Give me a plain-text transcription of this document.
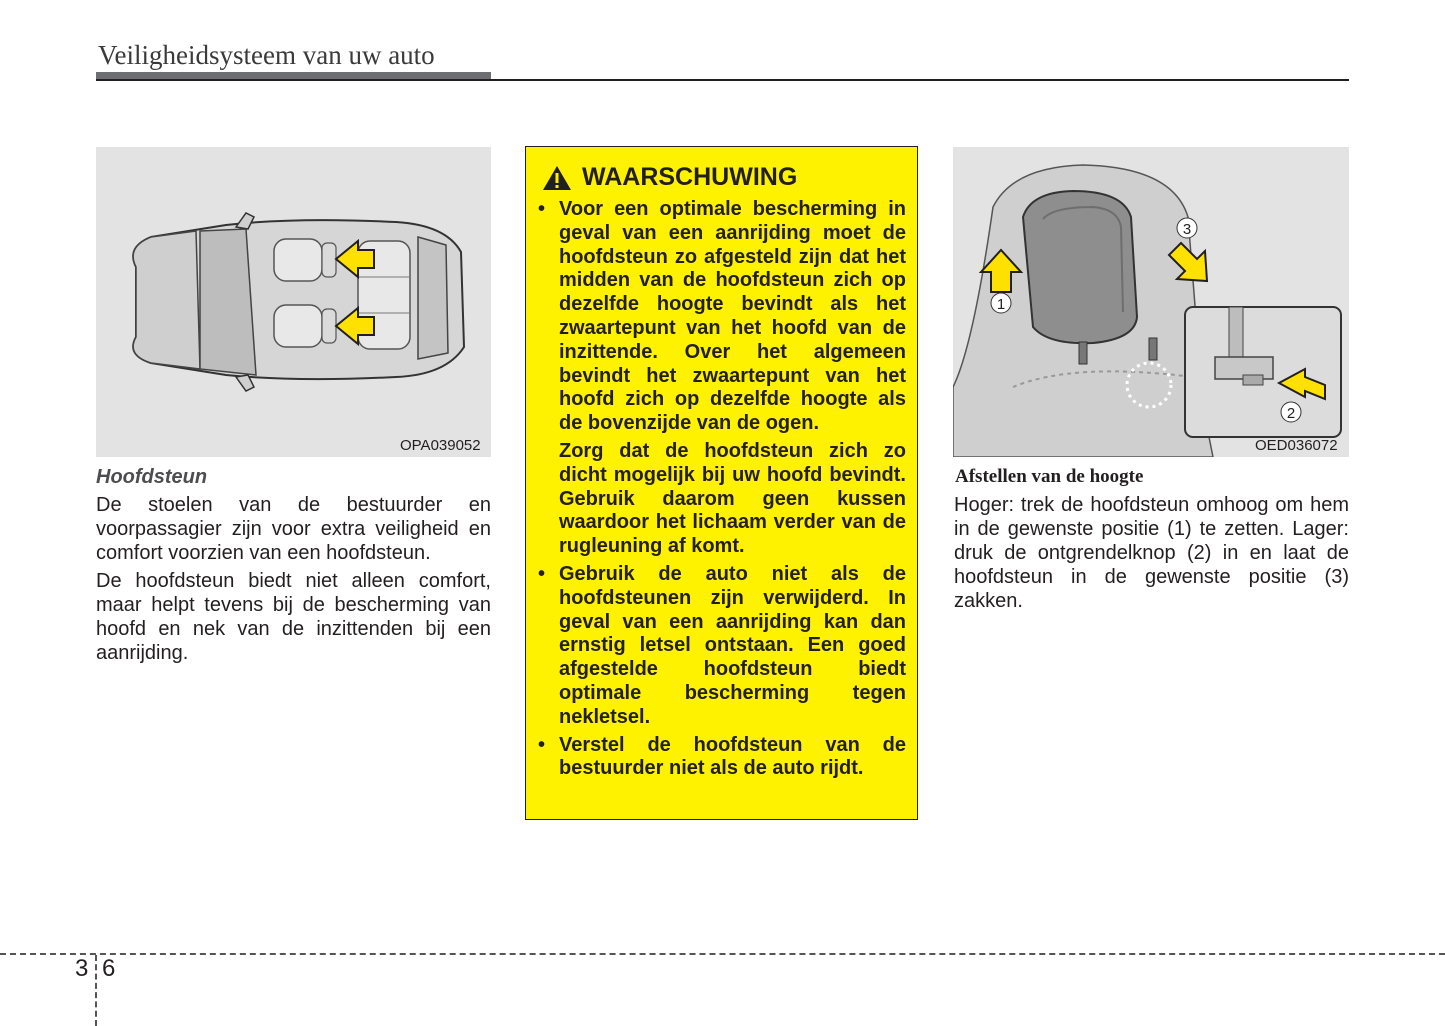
Veiligheidsysteem van uw auto
OPA039052
Hoofdsteun

De stoelen van de bestuurder en voorpassagier zijn voor extra veiligheid en comfort voorzien van een hoofdsteun.

De hoofdsteun biedt niet alleen comfort, maar helpt tevens bij de bescherming van hoofd en nek van de inzittenden bij een aanrijding.

WAARSCHUWING
• Voor een optimale bescherming in geval van een aanrijding moet de hoofdsteun zo afgesteld zijn dat het midden van de hoofdsteun zich op dezelfde hoogte bevindt als het zwaartepunt van het hoofd van de inzittende. Over het algemeen bevindt het zwaartepunt van het hoofd zich op dezelfde hoogte als de bovenzijde van de ogen.

Zorg dat de hoofdsteun zich zo dicht mogelijk bij uw hoofd bevindt. Gebruik daarom geen kussen waardoor het lichaam verder van de rugleuning af komt.

• Gebruik de auto niet als de hoofdsteunen zijn verwijderd. In geval van een aanrijding kan dan ernstig letsel ontstaan. Een goed afgestelde hoofdsteun biedt optimale bescherming tegen nekletsel.

• Verstel de hoofdsteun van de bestuurder niet als de auto rijdt.

1
3
2
OED036072
Afstellen van de hoogte

Hoger: trek de hoofdsteun omhoog om hem in de gewenste positie (1) te zetten. Lager: druk de ontgrendelknop (2) in en laat de hoofdsteun in de gewenste positie (3) zakken.

3 6
